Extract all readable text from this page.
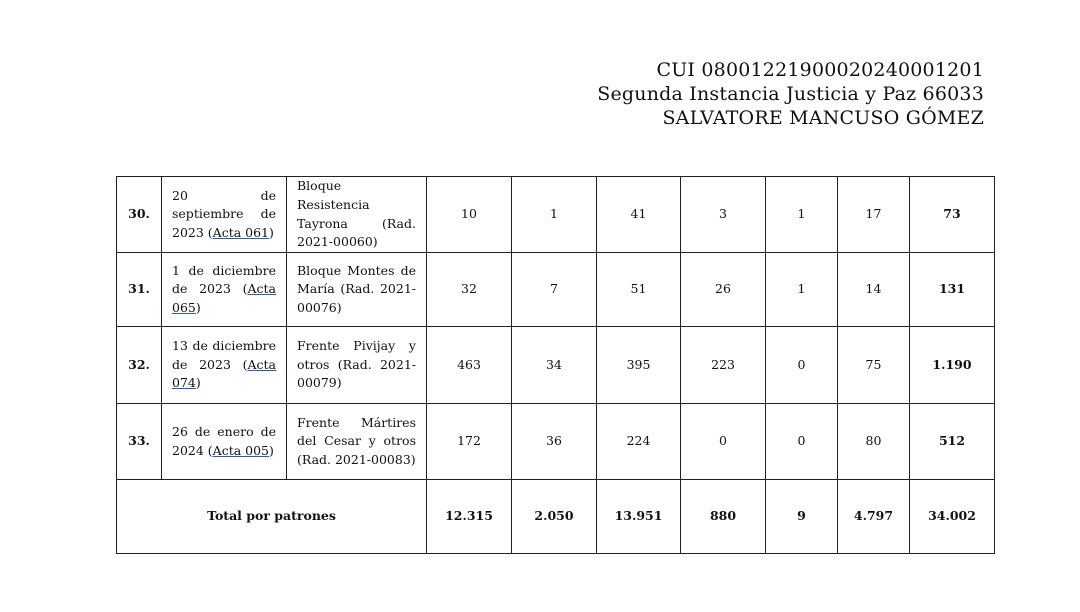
CUI 08001221900020240001201
Segunda Instancia Justicia y Paz 66033
SALVATORE MANCUSO GÓMEZ
30.	20 de septiembre de 2023 (Acta 061)	Bloque Resistencia Tayrona (Rad. 2021-00060)	10	1	41	3	1	17	73
31.	1 de diciembre de 2023 (Acta 065)	Bloque Montes de María (Rad. 2021-00076)	32	7	51	26	1	14	131
32.	13 de diciembre de 2023 (Acta 074)	Frente Pivijay y otros (Rad. 2021-00079)	463	34	395	223	0	75	1.190
33.	26 de enero de 2024 (Acta 005)	Frente Mártires del Cesar y otros (Rad. 2021-00083)	172	36	224	0	0	80	512
Total por patrones			12.315	2.050	13.951	880	9	4.797	34.002
